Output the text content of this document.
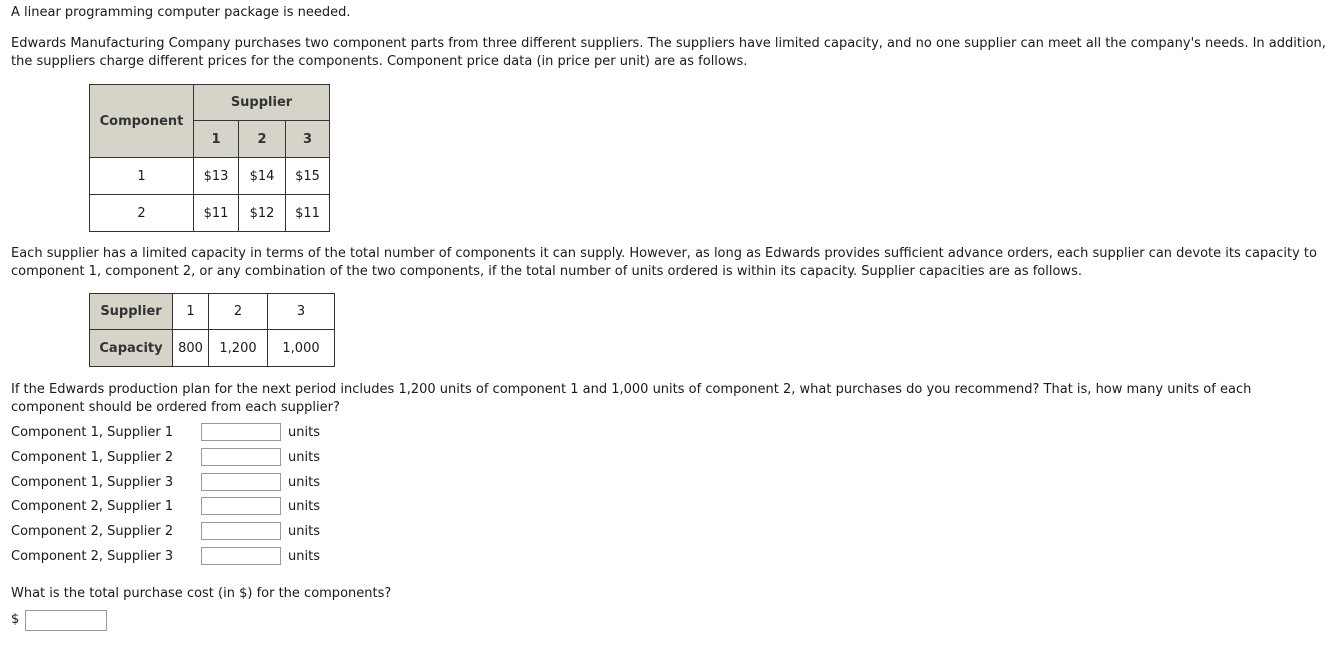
A linear programming computer package is needed.
Edwards Manufacturing Company purchases two component parts from three different suppliers. The suppliers have limited capacity, and no one supplier can meet all the company's needs. In addition, the suppliers charge different prices for the components. Component price data (in price per unit) are as follows.
Component	Supplier		
	1	2	3
1	$13	$14	$15
2	$11	$12	$11
Each supplier has a limited capacity in terms of the total number of components it can supply. However, as long as Edwards provides sufficient advance orders, each supplier can devote its capacity to component 1, component 2, or any combination of the two components, if the total number of units ordered is within its capacity. Supplier capacities are as follows.
Supplier	1	2	3
Capacity	800	1,200	1,000
If the Edwards production plan for the next period includes 1,200 units of component 1 and 1,000 units of component 2, what purchases do you recommend? That is, how many units of each component should be ordered from each supplier?
Component 1, Supplier 1	units
Component 1, Supplier 2	units
Component 1, Supplier 3	units
Component 2, Supplier 1	units
Component 2, Supplier 2	units
Component 2, Supplier 3	units
What is the total purchase cost (in $) for the components?
$
